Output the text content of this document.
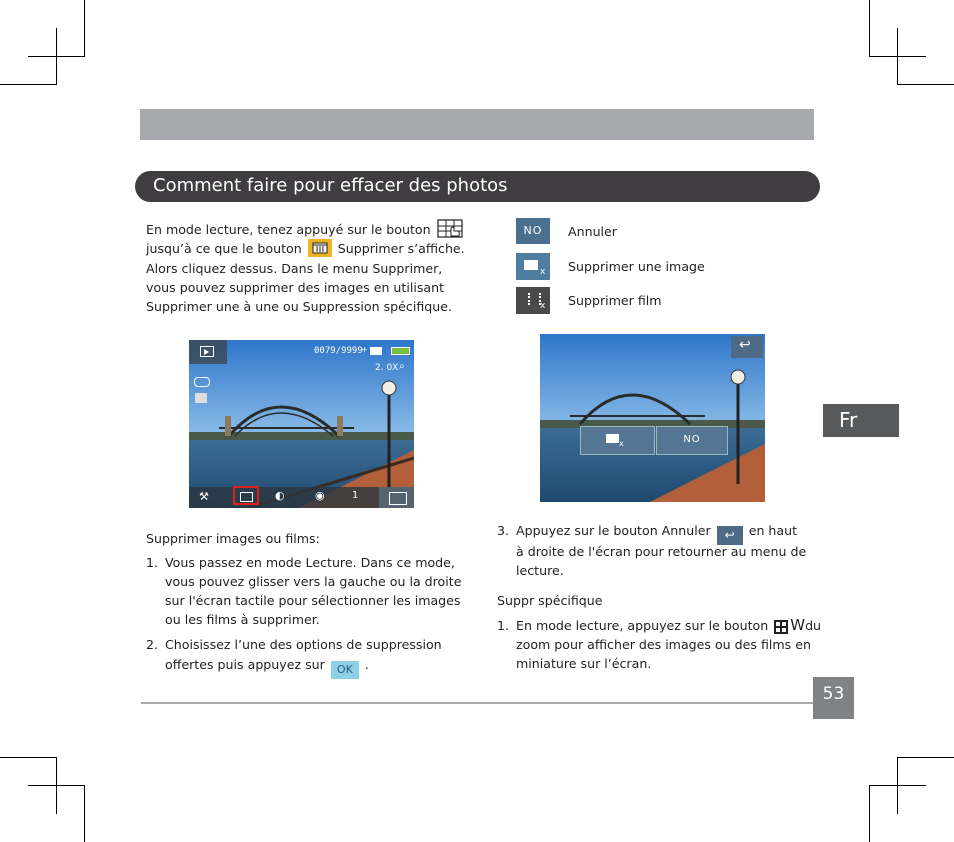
Comment faire pour effacer des photos
En mode lecture, tenez appuyé sur le bouton
jusqu’à ce que le bouton	Supprimer s’affiche.
Alors cliquez dessus. Dans le menu Supprimer,
vous pouvez supprimer des images en utilisant
Supprimer une à une ou Suppression spécifique.
0079/9999
+
2. 0X ⌕
⚒	◐	◉	1
NO	Annuler
x Supprimer une image
x Supprimer film
↩
x	NO
Fr
Supprimer images ou films:
1. Vous passez en mode Lecture. Dans ce mode,
vous pouvez glisser vers la gauche ou la droite
sur l'écran tactile pour sélectionner les images
ou les films à supprimer.
2. Choisissez l’une des options de suppression
offertes puis appuyez sur OK .
3. Appuyez sur le bouton Annuler ↩ en haut
à droite de l'écran pour retourner au menu de
lecture.
Suppr spécifique
1. En mode lecture, appuyez sur le bouton Wdu
zoom pour afficher des images ou des films en
miniature sur l’écran.
53
